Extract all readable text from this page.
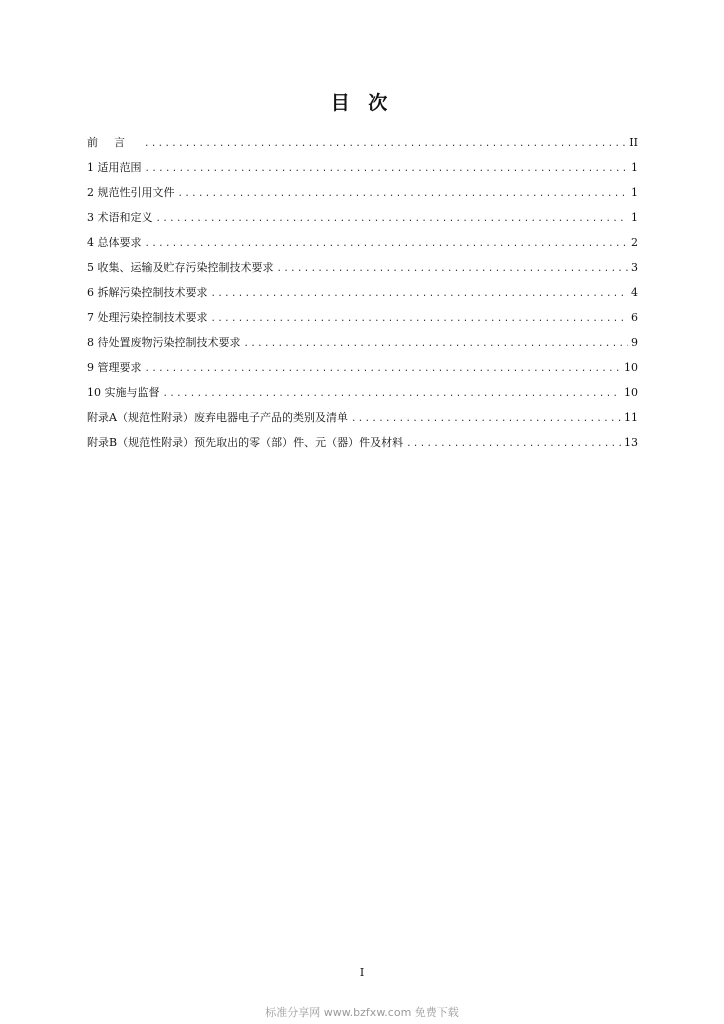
目 次
前言 .....	II
1 适用范围 .....	1
2 规范性引用文件 .....	1
3 术语和定义 .....	1
4 总体要求 .....	2
5 收集、运输及贮存污染控制技术要求 .....	3
6 拆解污染控制技术要求 .....	4
7 处理污染控制技术要求 .....	6
8 待处置废物污染控制技术要求 .....	9
9 管理要求 .....	10
10 实施与监督 .....	10
附录A（规范性附录）废弃电器电子产品的类别及清单 .....	11
附录B（规范性附录）预先取出的零（部）件、元（器）件及材料 .....	13

I

标准分享网 www.bzfxw.com 免费下载
